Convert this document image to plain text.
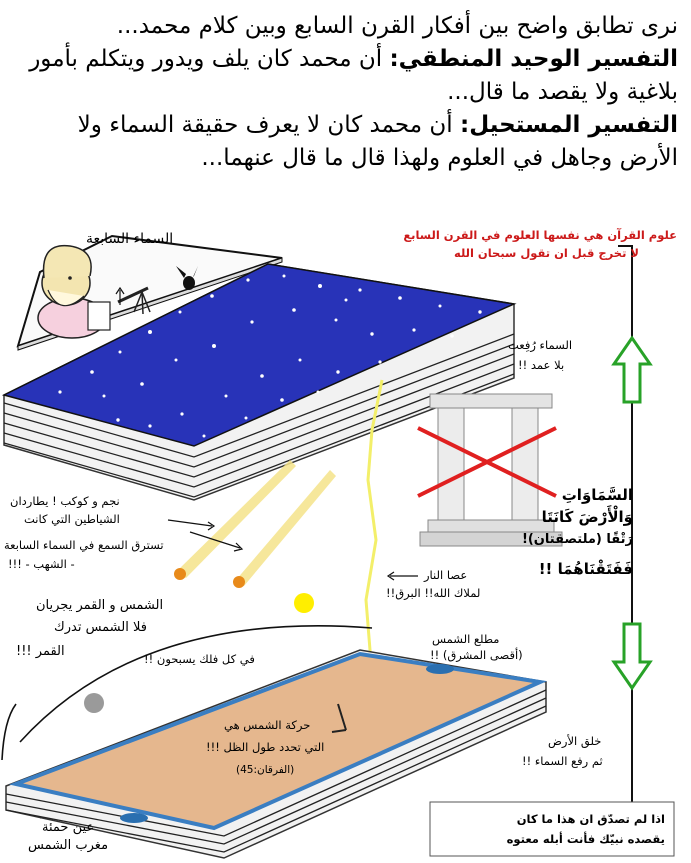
نرى تطابق واضح بين أفكار القرن السابع وبين كلام محمد...

التفسير الوحيد المنطقي: أن محمد كان يلف ويدور ويتكلم بأمور

بلاغية ولا يقصد ما قال...

التفسير المستحيل: أن محمد كان لا يعرف حقيقة السماء ولا

الأرض وجاهل في العلوم ولهذا قال ما قال عنهما...

السماء السابعة	علوم القرآن هي نفسها العلوم في القرن السابع
لا تخرج قبل ان تقول سبحان الله
السماء رُفِعت
بلا عمد !!
السَّمَاوَاتِ
وَالْأَرْضَ كَانَتَا
رَتْقًا (ملتصقتان)!
فَفَتَقْنَاهُمَا !!
نجم و كوكب ! يطاردان
الشياطين التي كانت
تسترق السمع في السماء السابعة
- الشهب - !!!
عصا النار
لملاك الله!! البرق!!
الشمس و القمر يجريان
فلا الشمس تدرك
القمر !!!
مطلع الشمس
(أقصى المشرق) !!
في كل فلك يسبحون !!
حركة الشمس هي
التي تحدد طول الظل !!!
(الفرقان:45)
خلق الأرض
ثم رفع السماء !!
عين حمئة
مغرب الشمس
اذا لم تصدّق ان هذا ما كان
يقصده نبيّك فأنت أبله معتوه
